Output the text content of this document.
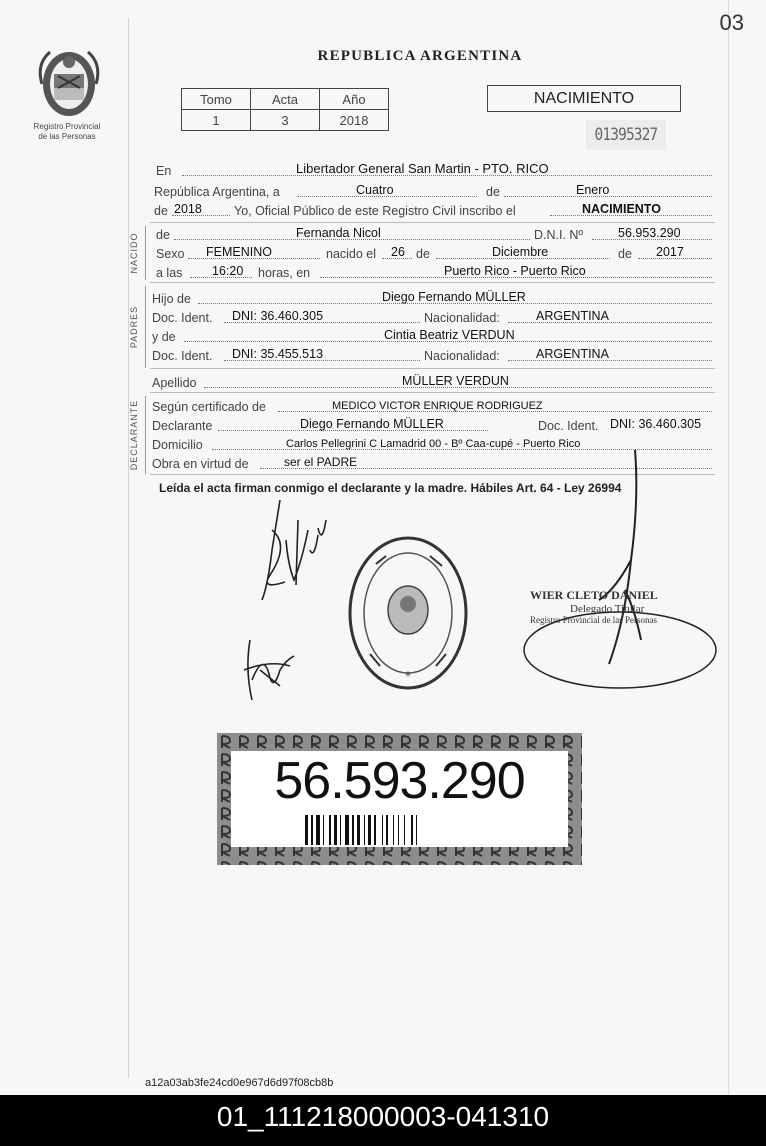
03
Registro Provincial
de las Personas
REPUBLICA ARGENTINA
Tomo	Acta	Año
1	3	2018
NACIMIENTO
01395327
En	Libertador General San Martin - PTO. RICO
República Argentina, a	Cuatro	de	Enero
de 2018	Yo, Oficial Público de este Registro Civil inscribo el	NACIMIENTO
NACIDO de	Fernanda Nicol	D.N.I. Nº	56.953.290
Sexo FEMENINO	nacido el 26 de	Diciembre	de 2017
a las 16:20 horas, en	Puerto Rico - Puerto Rico
PADRES
Hijo de	Diego Fernando MÜLLER
Doc. Ident. DNI: 36.460.305	Nacionalidad:	ARGENTINA
y de	Cintia Beatriz VERDUN
Doc. Ident. DNI: 35.455.513	Nacionalidad:	ARGENTINA
Apellido	MÜLLER VERDUN
DECLARANTE Según certificado de	MEDICO VICTOR ENRIQUE RODRIGUEZ
Declarante	Diego Fernando MÜLLER	Doc. Ident. DNI: 36.460.305
Domicilio	Carlos Pellegrini C Lamadrid 00 - Bº Caa-cupé - Puerto Rico
Obra en virtud de	ser el PADRE
Leída el acta firman conmigo el declarante y la madre. Hábiles Art. 64 - Ley 26994
*
WIER CLETO DANIEL
Delegado Titular
Registro Provincial de las Personas
56.593.290
a12a03ab3fe24cd0e967d6d97f08cb8b
01_111218000003-041310
